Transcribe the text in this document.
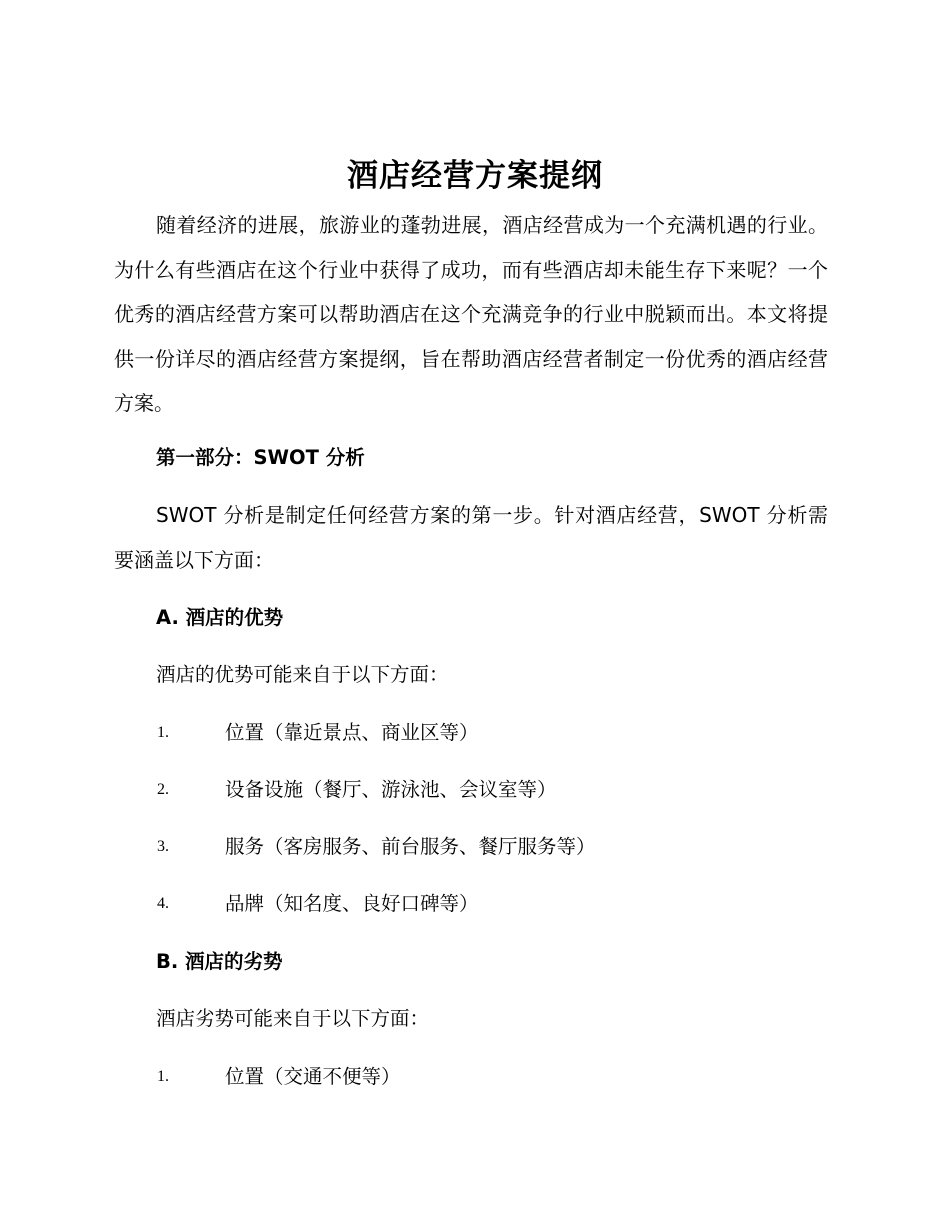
酒店经营方案提纲

随着经济的进展，旅游业的蓬勃进展，酒店经营成为一个充满机遇的行业。为什么有些酒店在这个行业中获得了成功，而有些酒店却未能生存下来呢？一个优秀的酒店经营方案可以帮助酒店在这个充满竞争的行业中脱颖而出。本文将提供一份详尽的酒店经营方案提纲，旨在帮助酒店经营者制定一份优秀的酒店经营方案。

第一部分：SWOT 分析

SWOT 分析是制定任何经营方案的第一步。针对酒店经营，SWOT 分析需要涵盖以下方面：

A. 酒店的优势
酒店的优势可能来自于以下方面：
1.	位置（靠近景点、商业区等）
2.	设备设施（餐厅、游泳池、会议室等）
3.	服务（客房服务、前台服务、餐厅服务等）
4.	品牌（知名度、良好口碑等）
B. 酒店的劣势
酒店劣势可能来自于以下方面：
1.	位置（交通不便等）
